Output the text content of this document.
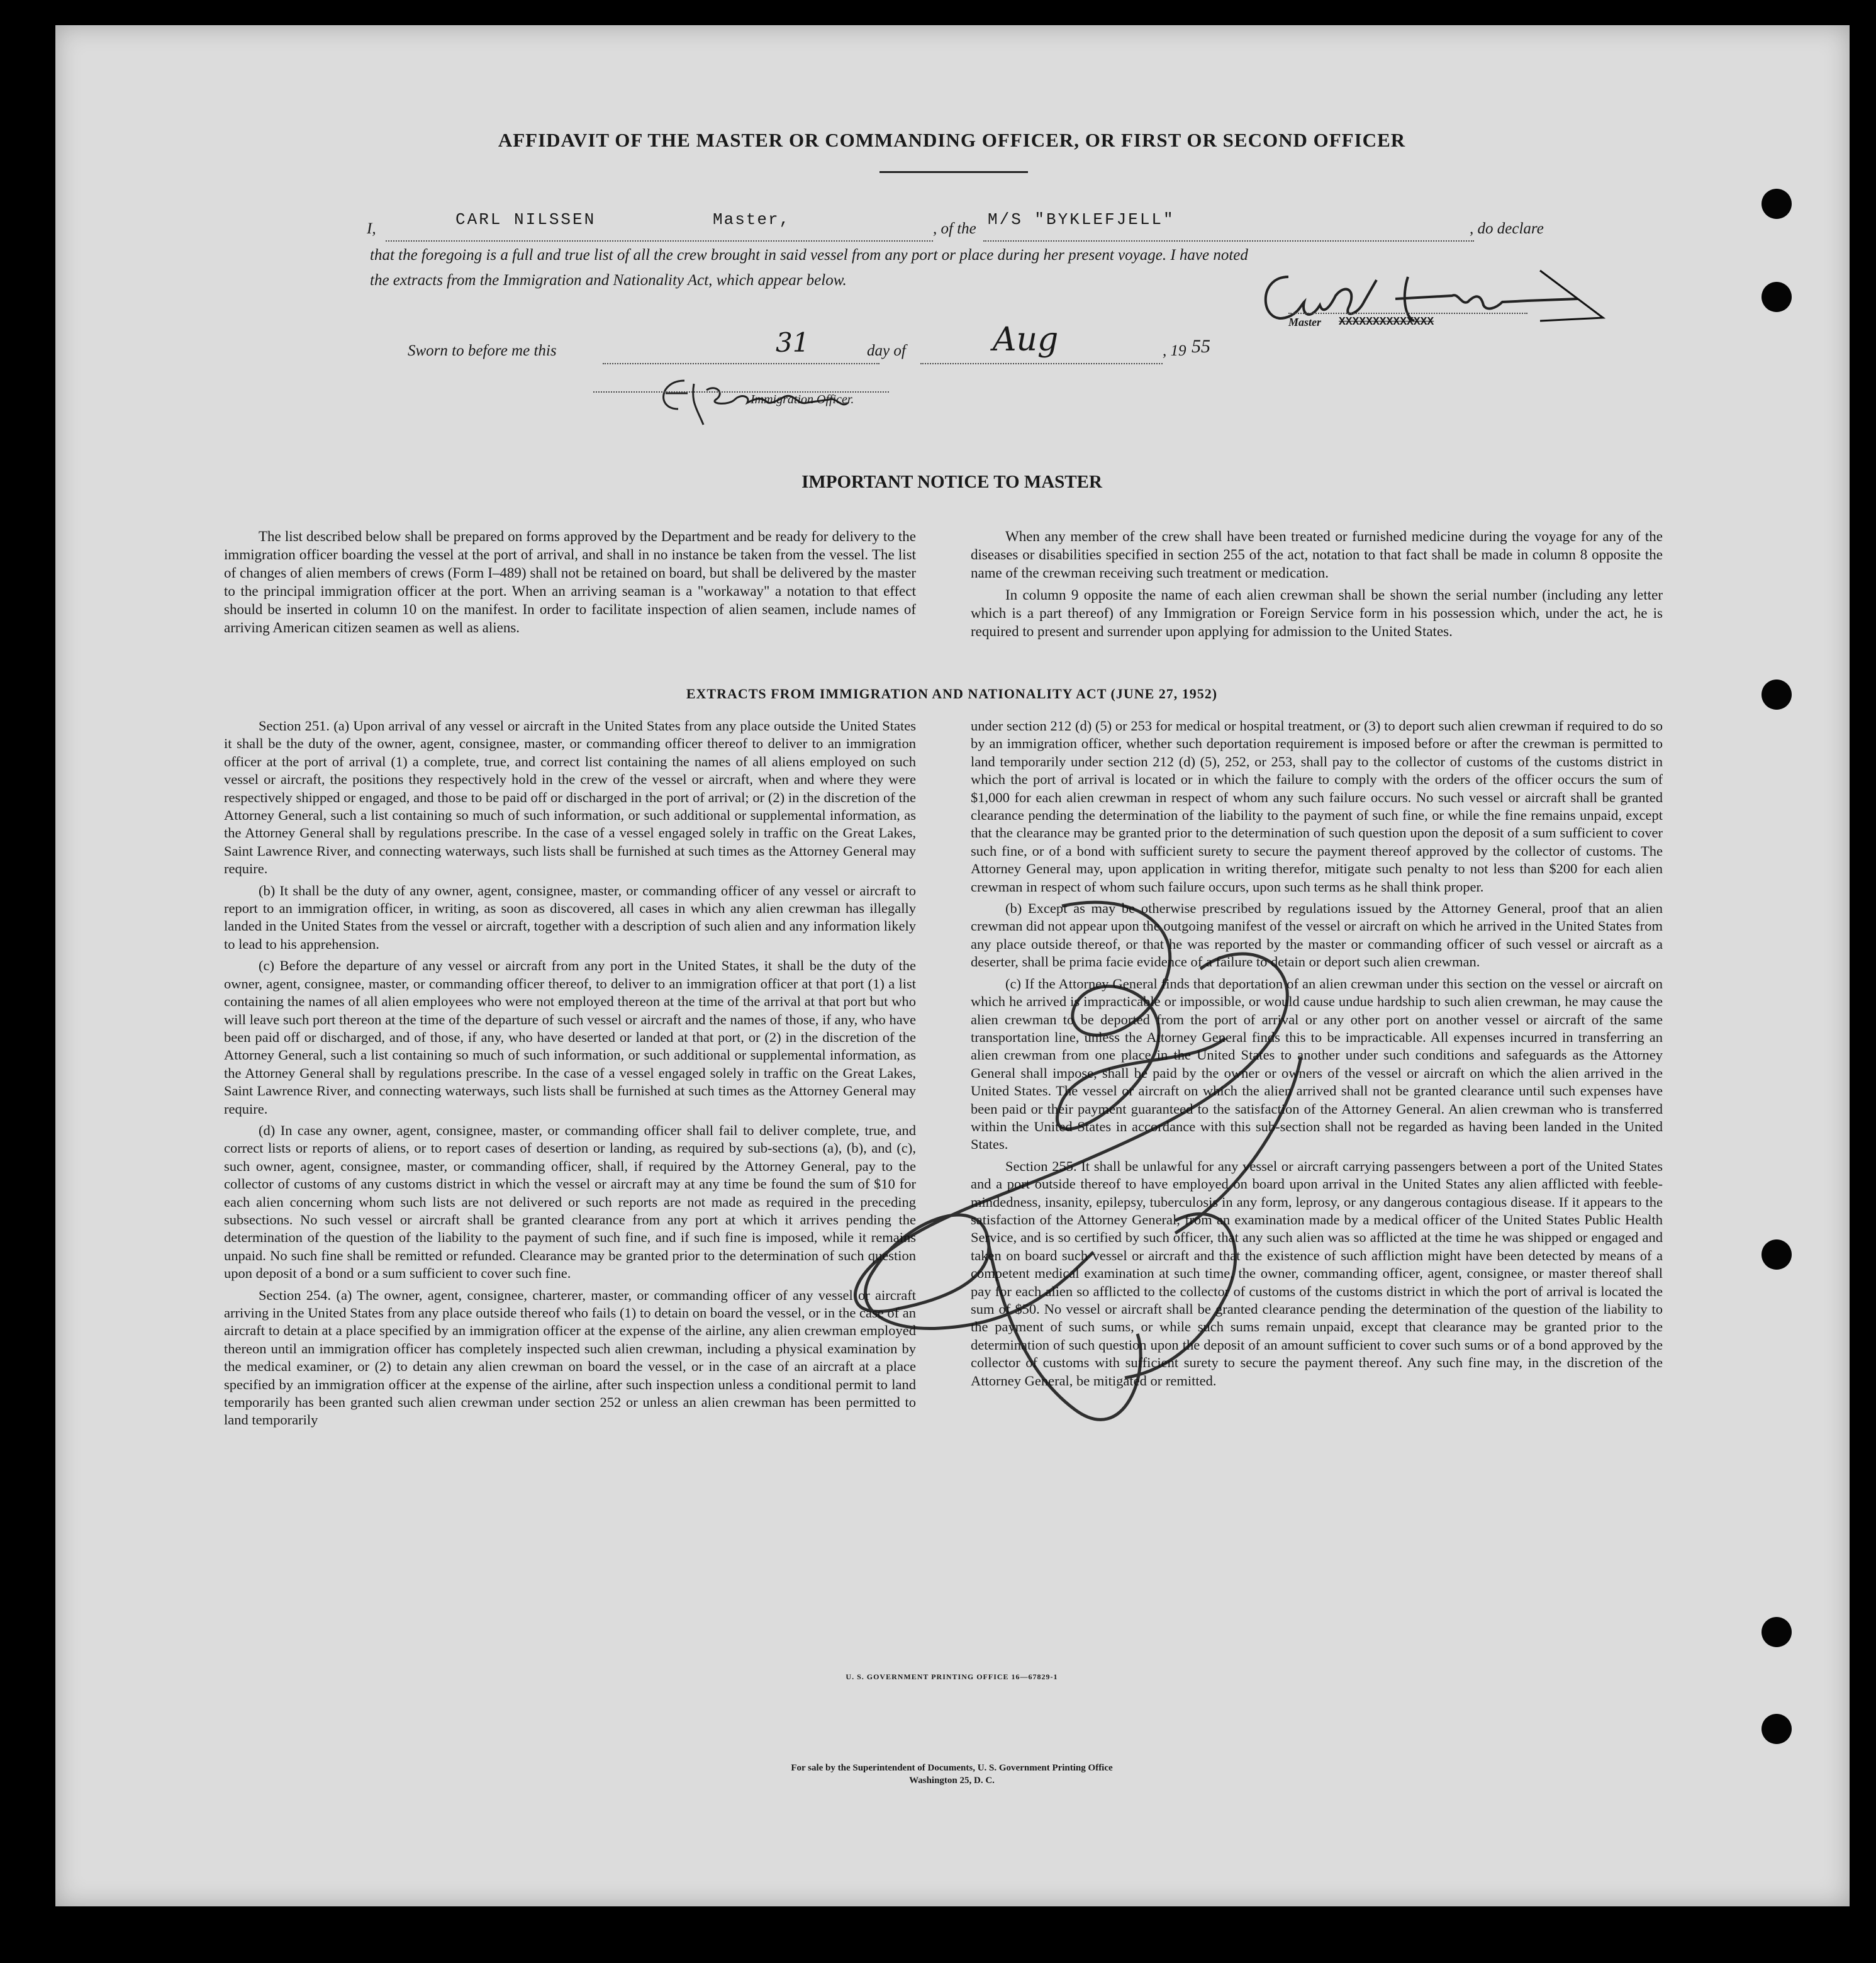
AFFIDAVIT OF THE MASTER OR COMMANDING OFFICER, OR FIRST OR SECOND OFFICER
I,	CARL NILSSEN	Master,	, of the M/S "BYKLEFJELL"	, do declare
that the foregoing is a full and true list of all the crew brought in said vessel from any port or place during her present voyage. I have noted
the extracts from the Immigration and Nationality Act, which appear below.
Master XXXXXXXXXXXXXX
Sworn to before me this	31	day of	Aug	, 19 55
Immigration Officer.
IMPORTANT NOTICE TO MASTER

The list described below shall be prepared on forms approved by the Department and be ready for delivery to the immigration officer boarding the vessel at the port of arrival, and shall in no instance be taken from the vessel. The list of changes of alien members of crews (Form I–489) shall not be retained on board, but shall be delivered by the master to the principal immigration officer at the port. When an arriving seaman is a "workaway" a notation to that effect should be inserted in column 10 on the manifest. In order to facilitate inspection of alien seamen, include names of arriving American citizen seamen as well as aliens.

When any member of the crew shall have been treated or furnished medicine during the voyage for any of the diseases or disabilities specified in section 255 of the act, notation to that fact shall be made in column 8 opposite the name of the crewman receiving such treatment or medication.

In column 9 opposite the name of each alien crewman shall be shown the serial number (including any letter which is a part thereof) of any Immigration or Foreign Service form in his possession which, under the act, he is required to present and surrender upon applying for admission to the United States.

EXTRACTS FROM IMMIGRATION AND NATIONALITY ACT (JUNE 27, 1952)

Section 251. (a) Upon arrival of any vessel or aircraft in the United States from any place outside the United States it shall be the duty of the owner, agent, consignee, master, or commanding officer thereof to deliver to an immigration officer at the port of arrival (1) a complete, true, and correct list containing the names of all aliens employed on such vessel or aircraft, the positions they respectively hold in the crew of the vessel or aircraft, when and where they were respectively shipped or engaged, and those to be paid off or discharged in the port of arrival; or (2) in the discretion of the Attorney General, such a list containing so much of such information, or such additional or supplemental information, as the Attorney General shall by regulations prescribe. In the case of a vessel engaged solely in traffic on the Great Lakes, Saint Lawrence River, and connecting waterways, such lists shall be furnished at such times as the Attorney General may require.

(b) It shall be the duty of any owner, agent, consignee, master, or commanding officer of any vessel or aircraft to report to an immigration officer, in writing, as soon as discovered, all cases in which any alien crewman has illegally landed in the United States from the vessel or aircraft, together with a description of such alien and any information likely to lead to his apprehension.

(c) Before the departure of any vessel or aircraft from any port in the United States, it shall be the duty of the owner, agent, consignee, master, or commanding officer thereof, to deliver to an immigration officer at that port (1) a list containing the names of all alien employees who were not employed thereon at the time of the arrival at that port but who will leave such port thereon at the time of the departure of such vessel or aircraft and the names of those, if any, who have been paid off or discharged, and of those, if any, who have deserted or landed at that port, or (2) in the discretion of the Attorney General, such a list containing so much of such information, or such additional or supplemental information, as the Attorney General shall by regulations prescribe. In the case of a vessel engaged solely in traffic on the Great Lakes, Saint Lawrence River, and connecting waterways, such lists shall be furnished at such times as the Attorney General may require.

(d) In case any owner, agent, consignee, master, or commanding officer shall fail to deliver complete, true, and correct lists or reports of aliens, or to report cases of desertion or landing, as required by sub-sections (a), (b), and (c), such owner, agent, consignee, master, or commanding officer, shall, if required by the Attorney General, pay to the collector of customs of any customs district in which the vessel or aircraft may at any time be found the sum of $10 for each alien concerning whom such lists are not delivered or such reports are not made as required in the preceding subsections. No such vessel or aircraft shall be granted clearance from any port at which it arrives pending the determination of the question of the liability to the payment of such fine, and if such fine is imposed, while it remains unpaid. No such fine shall be remitted or refunded. Clearance may be granted prior to the determination of such question upon deposit of a bond or a sum sufficient to cover such fine.

Section 254. (a) The owner, agent, consignee, charterer, master, or commanding officer of any vessel or aircraft arriving in the United States from any place outside thereof who fails (1) to detain on board the vessel, or in the case of an aircraft to detain at a place specified by an immigration officer at the expense of the airline, any alien crewman employed thereon until an immigration officer has completely inspected such alien crewman, including a physical examination by the medical examiner, or (2) to detain any alien crewman on board the vessel, or in the case of an aircraft at a place specified by an immigration officer at the expense of the airline, after such inspection unless a conditional permit to land temporarily has been granted such alien crewman under section 252 or unless an alien crewman has been permitted to land temporarily

under section 212 (d) (5) or 253 for medical or hospital treatment, or (3) to deport such alien crewman if required to do so by an immigration officer, whether such deportation requirement is imposed before or after the crewman is permitted to land temporarily under section 212 (d) (5), 252, or 253, shall pay to the collector of customs of the customs district in which the port of arrival is located or in which the failure to comply with the orders of the officer occurs the sum of $1,000 for each alien crewman in respect of whom any such failure occurs. No such vessel or aircraft shall be granted clearance pending the determination of the liability to the payment of such fine, or while the fine remains unpaid, except that the clearance may be granted prior to the determination of such question upon the deposit of a sum sufficient to cover such fine, or of a bond with sufficient surety to secure the payment thereof approved by the collector of customs. The Attorney General may, upon application in writing therefor, mitigate such penalty to not less than $200 for each alien crewman in respect of whom such failure occurs, upon such terms as he shall think proper.

(b) Except as may be otherwise prescribed by regulations issued by the Attorney General, proof that an alien crewman did not appear upon the outgoing manifest of the vessel or aircraft on which he arrived in the United States from any place outside thereof, or that he was reported by the master or commanding officer of such vessel or aircraft as a deserter, shall be prima facie evidence of a failure to detain or deport such alien crewman.

(c) If the Attorney General finds that deportation of an alien crewman under this section on the vessel or aircraft on which he arrived is impracticable or impossible, or would cause undue hardship to such alien crewman, he may cause the alien crewman to be deported from the port of arrival or any other port on another vessel or aircraft of the same transportation line, unless the Attorney General finds this to be impracticable. All expenses incurred in transferring an alien crewman from one place in the United States to another under such conditions and safeguards as the Attorney General shall impose, shall be paid by the owner or owners of the vessel or aircraft on which the alien arrived in the United States. The vessel or aircraft on which the alien arrived shall not be granted clearance until such expenses have been paid or their payment guaranteed to the satisfaction of the Attorney General. An alien crewman who is transferred within the United States in accordance with this sub-section shall not be regarded as having been landed in the United States.

Section 255. It shall be unlawful for any vessel or aircraft carrying passengers between a port of the United States and a port outside thereof to have employed on board upon arrival in the United States any alien afflicted with feeble-mindedness, insanity, epilepsy, tuberculosis in any form, leprosy, or any dangerous contagious disease. If it appears to the satisfaction of the Attorney General, from an examination made by a medical officer of the United States Public Health Service, and is so certified by such officer, that any such alien was so afflicted at the time he was shipped or engaged and taken on board such vessel or aircraft and that the existence of such affliction might have been detected by means of a competent medical examination at such time, the owner, commanding officer, agent, consignee, or master thereof shall pay for each alien so afflicted to the collector of customs of the customs district in which the port of arrival is located the sum of $50. No vessel or aircraft shall be granted clearance pending the determination of the question of the liability to the payment of such sums, or while such sums remain unpaid, except that clearance may be granted prior to the determination of such question upon the deposit of an amount sufficient to cover such sums or of a bond approved by the collector of customs with sufficient surety to secure the payment thereof. Any such fine may, in the discretion of the Attorney General, be mitigated or remitted.

U. S. GOVERNMENT PRINTING OFFICE 16—67829-1
For sale by the Superintendent of Documents, U. S. Government Printing Office
Washington 25, D. C.
